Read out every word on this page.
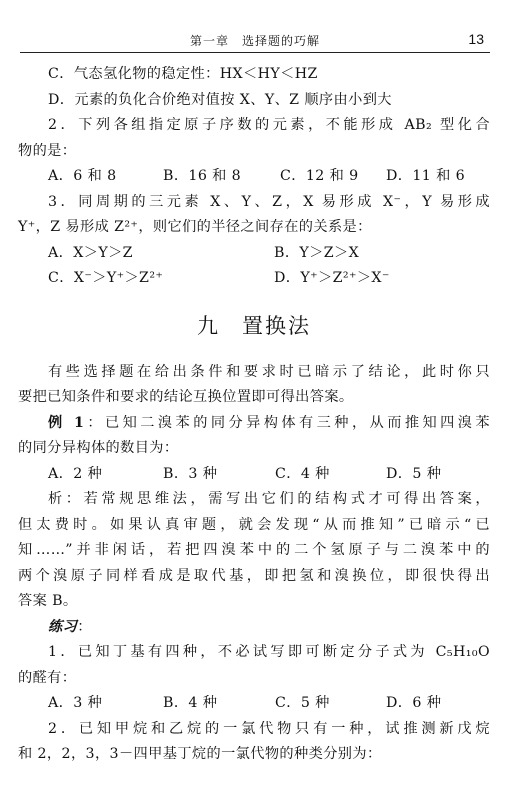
第一章　选择题的巧解	13
C．气态氢化物的稳定性：HX＜HY＜HZ
D．元素的负化合价绝对值按 X、Y、Z 顺序由小到大
2．下列各组指定原子序数的元素，不能形成 AB₂ 型化合
物的是：
A．6 和 8	B．16 和 8	C．12 和 9 D．11 和 6
3．同周期的三元素 X、Y、Z，X 易形成 X⁻，Y 易形成
Y⁺，Z 易形成 Z²⁺，则它们的半径之间存在的关系是：
A．X＞Y＞Z	B．Y＞Z＞X
C．X⁻＞Y⁺＞Z²⁺	D．Y⁺＞Z²⁺＞X⁻
九 置换法
有些选择题在给出条件和要求时已暗示了结论，此时你只
要把已知条件和要求的结论互换位置即可得出答案。
例 1：已知二溴苯的同分异构体有三种，从而推知四溴苯
的同分异构体的数目为：
A．2 种	B．3 种	C．4 种	D．5 种
析：若常规思维法，需写出它们的结构式才可得出答案，
但太费时。如果认真审题，就会发现“从而推知”已暗示“已
知……”并非闲话，若把四溴苯中的二个氢原子与二溴苯中的
两个溴原子同样看成是取代基，即把氢和溴换位，即很快得出
答案 B。
练习：
1．已知丁基有四种，不必试写即可断定分子式为 C₅H₁₀O
的醛有：
A．3 种	B．4 种	C．5 种	D．6 种
2．已知甲烷和乙烷的一氯代物只有一种，试推测新戊烷
和 2，2，3，3－四甲基丁烷的一氯代物的种类分别为：
